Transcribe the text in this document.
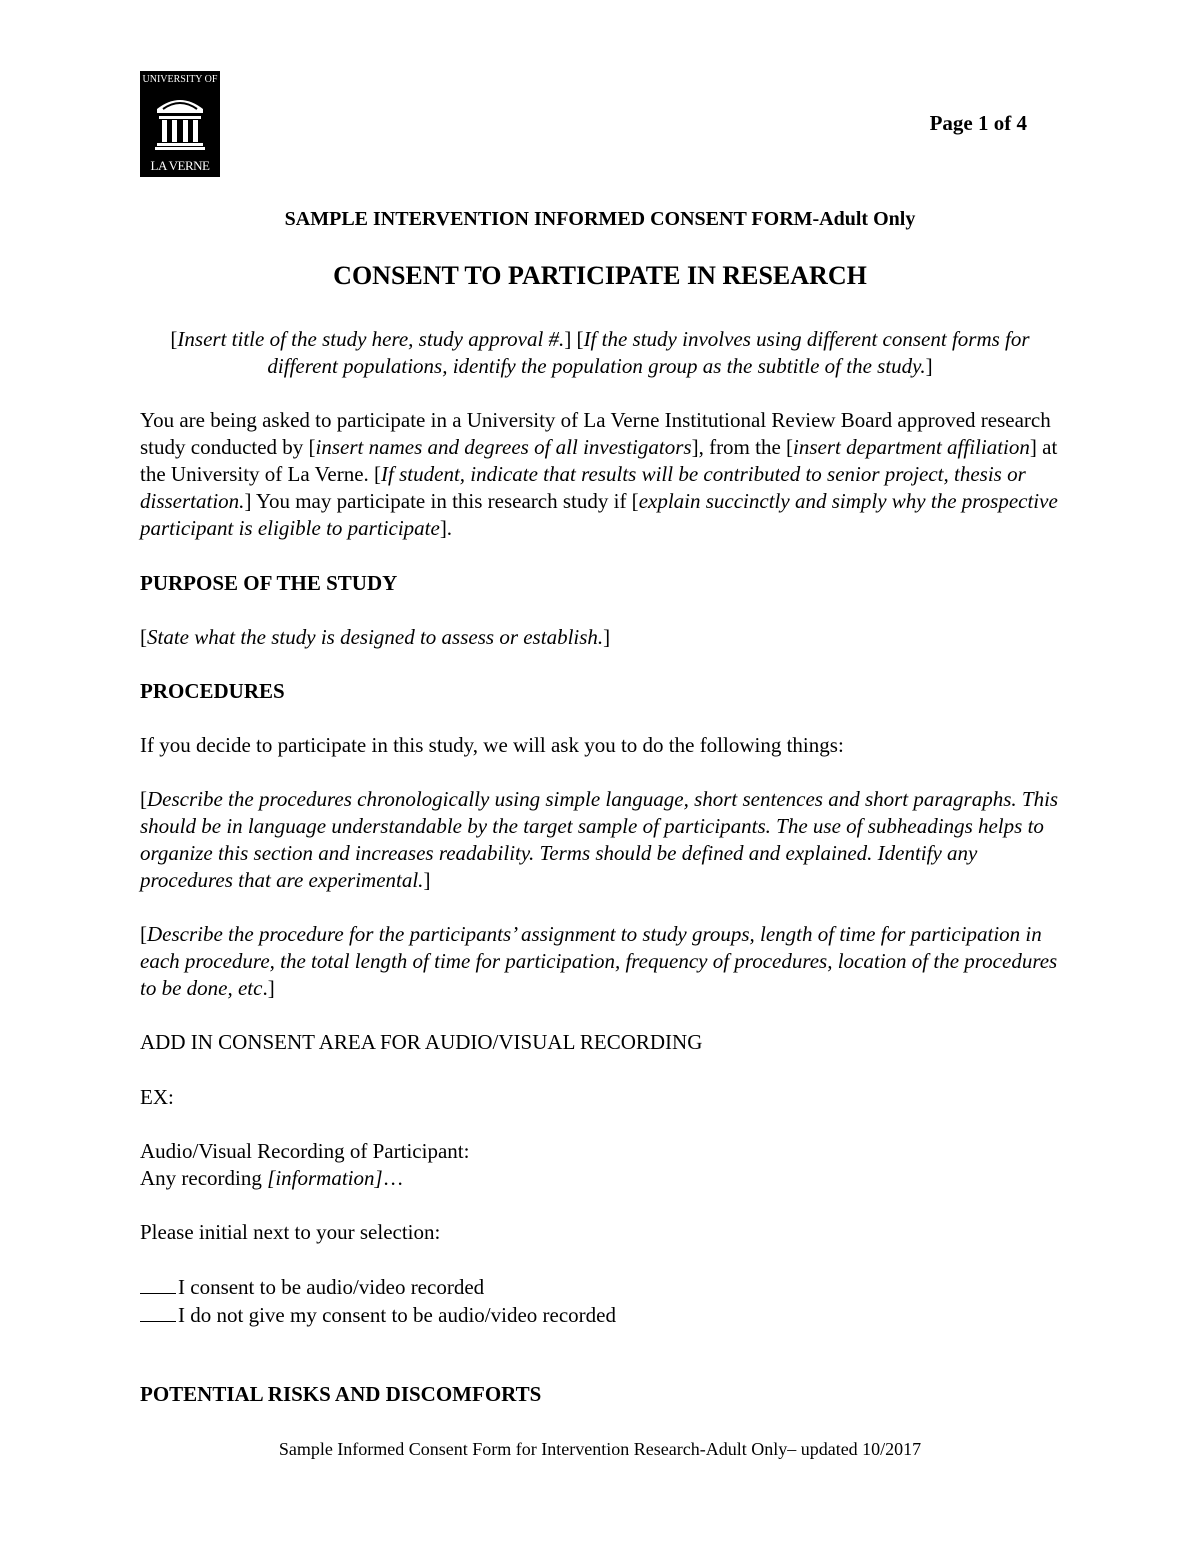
UNIVERSITY OF
LA VERNE
Page 1 of 4
SAMPLE INTERVENTION INFORMED CONSENT FORM-Adult Only
CONSENT TO PARTICIPATE IN RESEARCH
[Insert title of the study here, study approval #.] [If the study involves using different consent forms for different populations, identify the population group as the subtitle of the study.]
You are being asked to participate in a University of La Verne Institutional Review Board approved research study conducted by [insert names and degrees of all investigators], from the [insert department affiliation] at the University of La Verne. [If student, indicate that results will be contributed to senior project, thesis or dissertation.] You may participate in this research study if [explain succinctly and simply why the prospective participant is eligible to participate].
PURPOSE OF THE STUDY
[State what the study is designed to assess or establish.]
PROCEDURES
If you decide to participate in this study, we will ask you to do the following things:
[Describe the procedures chronologically using simple language, short sentences and short paragraphs. This should be in language understandable by the target sample of participants. The use of subheadings helps to organize this section and increases readability. Terms should be defined and explained. Identify any procedures that are experimental.]
[Describe the procedure for the participants’ assignment to study groups, length of time for participation in each procedure, the total length of time for participation, frequency of procedures, location of the procedures to be done, etc.]
ADD IN CONSENT AREA FOR AUDIO/VISUAL RECORDING
EX:
Audio/Visual Recording of Participant:
Any recording [information]…
Please initial next to your selection:
I consent to be audio/video recorded
I do not give my consent to be audio/video recorded
POTENTIAL RISKS AND DISCOMFORTS
Sample Informed Consent Form for Intervention Research-Adult Only– updated 10/2017
